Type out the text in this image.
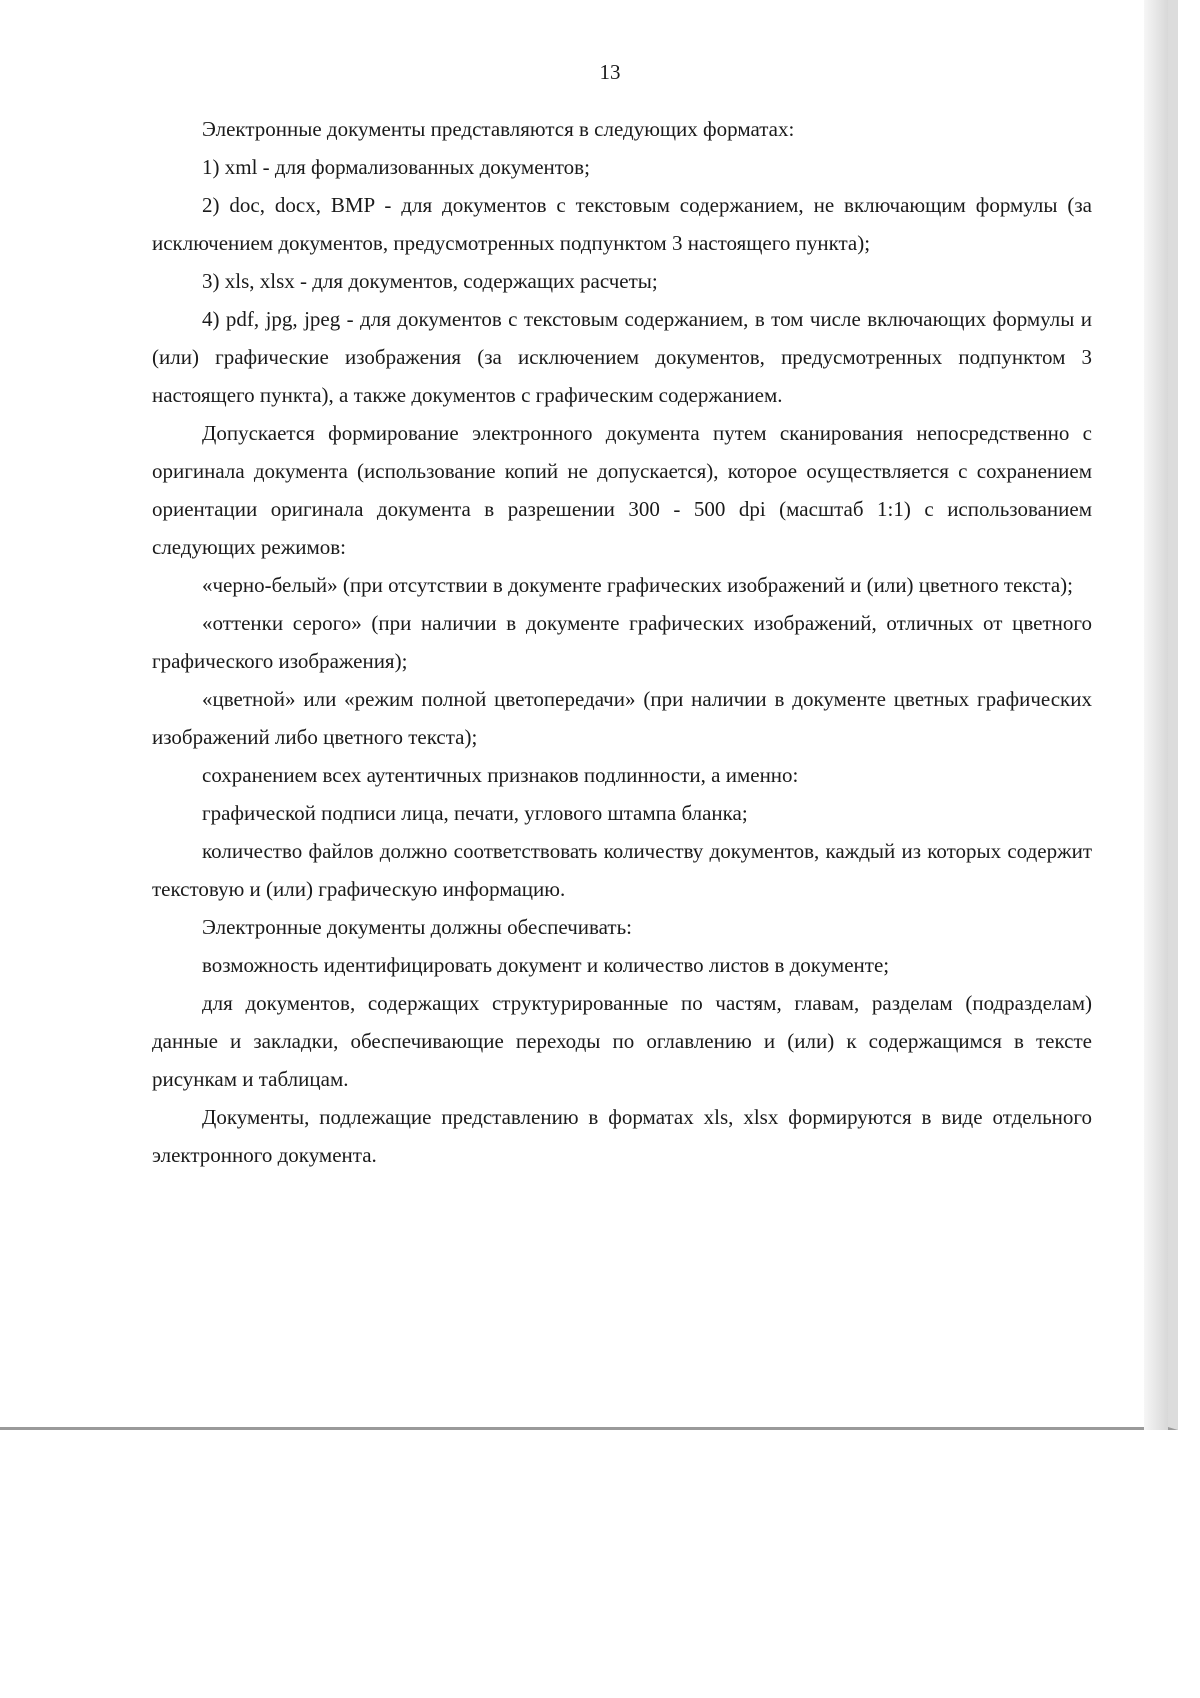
13

Электронные документы представляются в следующих форматах:

1) xml - для формализованных документов;

2) doc, docx, BMP - для документов с текстовым содержанием, не включающим формулы (за исключением документов, предусмотренных подпунктом 3 настоящего пункта);

3) xls, xlsx - для документов, содержащих расчеты;

4) pdf, jpg, jpeg - для документов с текстовым содержанием, в том числе включающих формулы и (или) графические изображения (за исключением документов, предусмотренных подпунктом 3 настоящего пункта), а также документов с графическим содержанием.

Допускается формирование электронного документа путем сканирования непосредственно с оригинала документа (использование копий не допускается), которое осуществляется с сохранением ориентации оригинала документа в разрешении 300 - 500 dpi (масштаб 1:1) с использованием следующих режимов:

«черно-белый» (при отсутствии в документе графических изображений и (или) цветного текста);

«оттенки серого» (при наличии в документе графических изображений, отличных от цветного графического изображения);

«цветной» или «режим полной цветопередачи» (при наличии в документе цветных графических изображений либо цветного текста);

сохранением всех аутентичных признаков подлинности, а именно:

графической подписи лица, печати, углового штампа бланка;

количество файлов должно соответствовать количеству документов, каждый из которых содержит текстовую и (или) графическую информацию.

Электронные документы должны обеспечивать:

возможность идентифицировать документ и количество листов в документе;

для документов, содержащих структурированные по частям, главам, разделам (подразделам) данные и закладки, обеспечивающие переходы по оглавлению и (или) к содержащимся в тексте рисункам и таблицам.

Документы, подлежащие представлению в форматах xls, xlsx формируются в виде отдельного электронного документа.
